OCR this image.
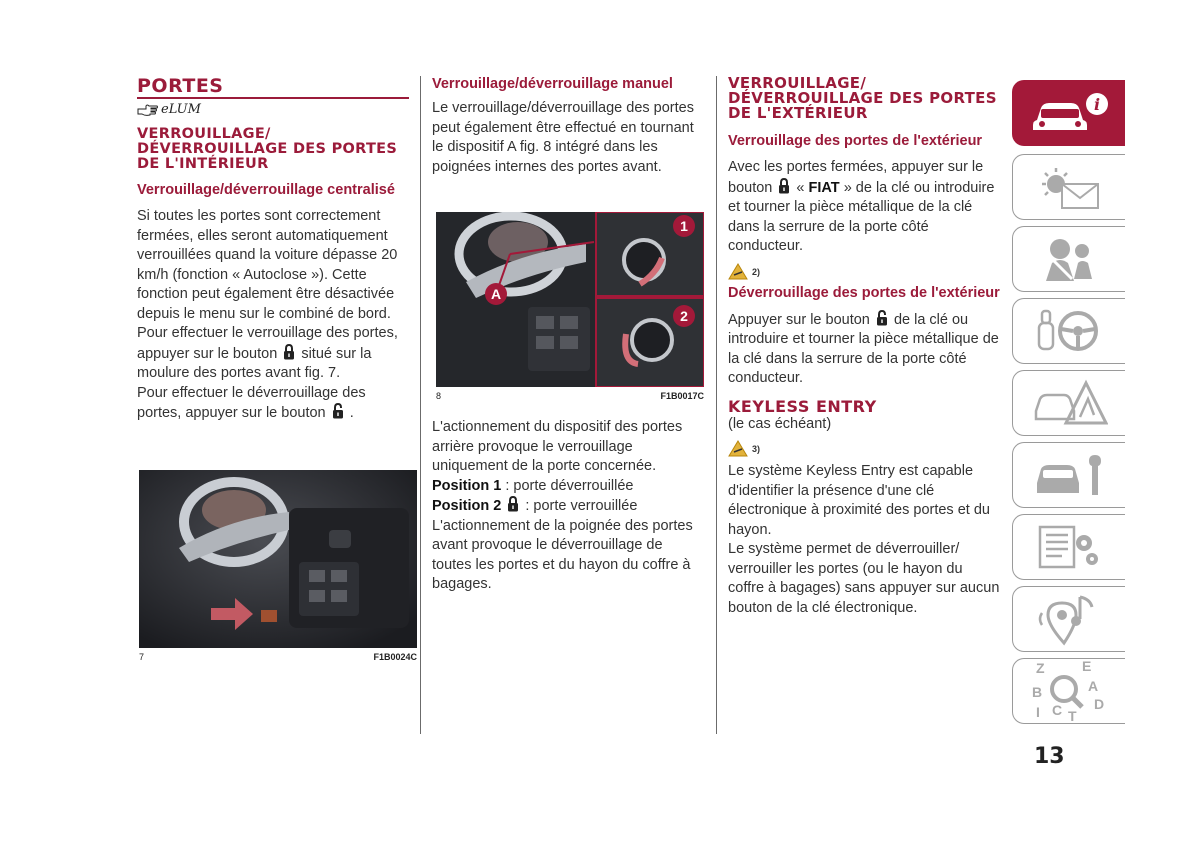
PORTES
eLUM
VERROUILLAGE/ DÉVERROUILLAGE DES PORTES DE L'INTÉRIEUR
Verrouillage/déverrouillage centralisé

Si toutes les portes sont correctement fermées, elles seront automatiquement verrouillées quand la voiture dépasse 20 km/h (fonction « Autoclose »). Cette fonction peut également être désactivée depuis le menu sur le combiné de bord.

Pour effectuer le verrouillage des portes, appuyer sur le bouton situé sur la moulure des portes avant fig. 7.

Pour effectuer le déverrouillage des portes, appuyer sur le bouton .

7	F1B0024C
Verrouillage/déverrouillage manuel

Le verrouillage/déverrouillage des portes peut également être effectué en tournant le dispositif A fig. 8 intégré dans les poignées internes des portes avant.

A
1
2
8	F1B0017C

L'actionnement du dispositif des portes arrière provoque le verrouillage uniquement de la porte concernée.

Position 1 : porte déverrouillée

Position 2  : porte verrouillée

L'actionnement de la poignée des portes avant provoque le déverrouillage de toutes les portes et du hayon du coffre à bagages.

VERROUILLAGE/ DÉVERROUILLAGE DES PORTES DE L'EXTÉRIEUR
Verrouillage des portes de l'extérieur

Avec les portes fermées, appuyer sur le bouton « FIAT » de la clé ou introduire et tourner la pièce métallique de la clé dans la serrure de la porte côté conducteur.

2)
Déverrouillage des portes de l'extérieur

Appuyer sur le bouton de la clé ou introduire et tourner la pièce métallique de la clé dans la serrure de la porte côté conducteur.

KEYLESS ENTRY

(le cas échéant)

3)

Le système Keyless Entry est capable d'identifier la présence d'une clé électronique à proximité des portes et du hayon.

Le système permet de déverrouiller/ verrouiller les portes (ou le hayon du coffre à bagages) sans appuyer sur aucun bouton de la clé électronique.

i
Z	E
B	A
I C T
D
13
